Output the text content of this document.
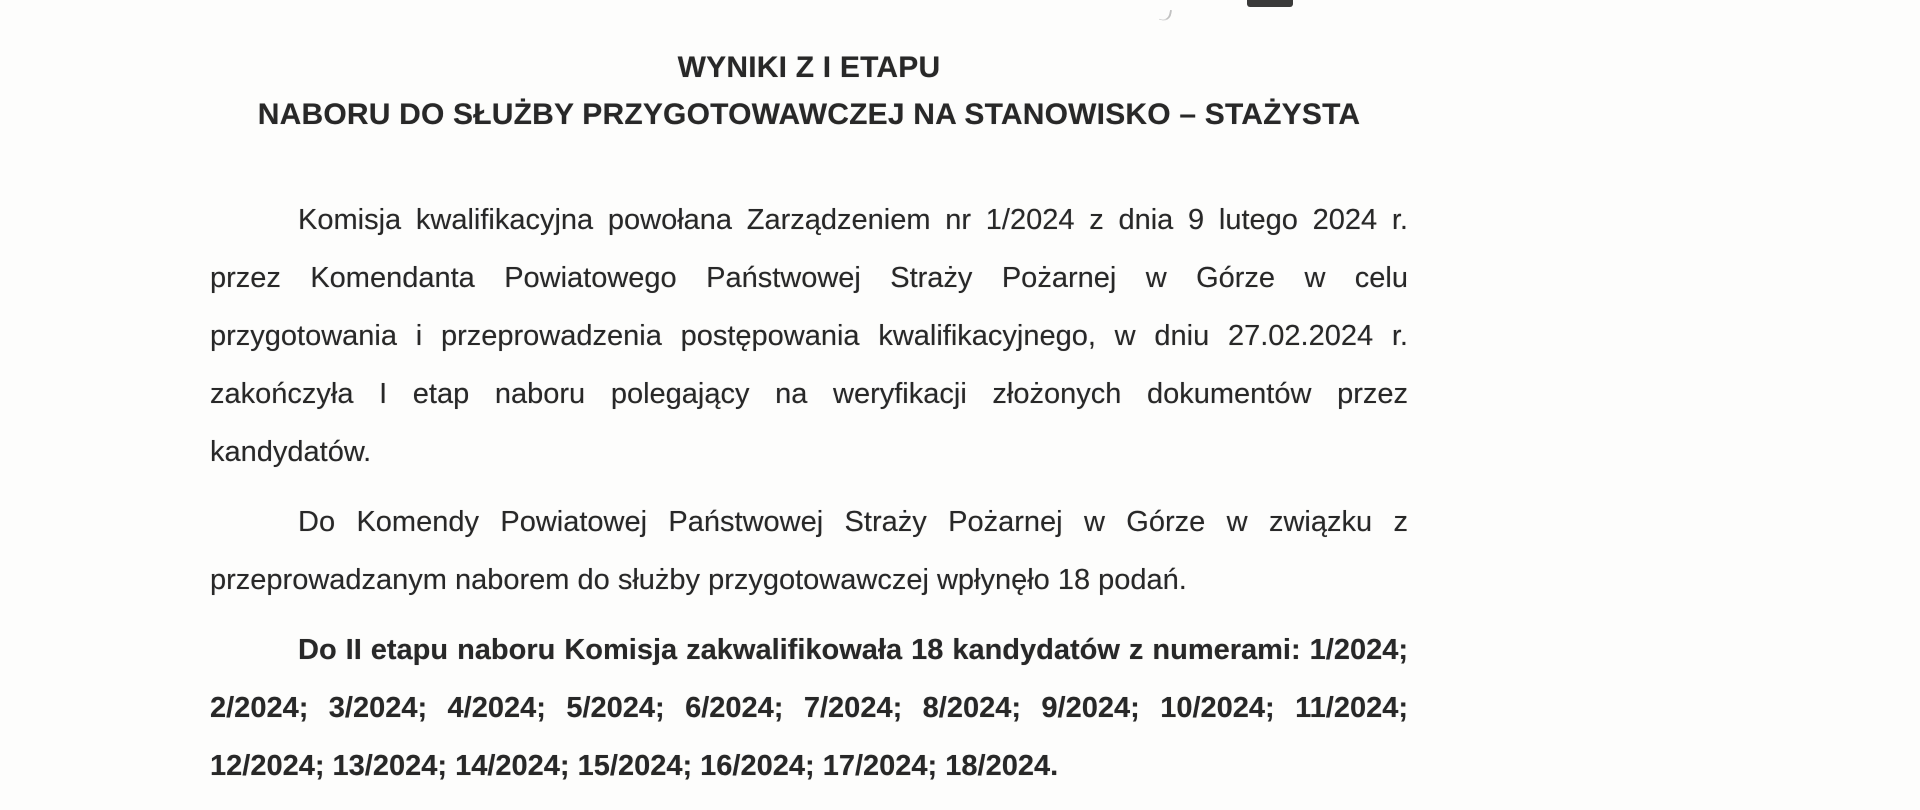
WYNIKI Z I ETAPU
NABORU DO SŁUŻBY PRZYGOTOWAWCZEJ NA STANOWISKO – STAŻYSTA

Komisja kwalifikacyjna powołana Zarządzeniem nr 1/2024 z dnia 9 lutego 2024 r. przez Komendanta Powiatowego Państwowej Straży Pożarnej w Górze w celu przygotowania i przeprowadzenia postępowania kwalifikacyjnego, w dniu 27.02.2024 r. zakończyła I etap naboru polegający na weryfikacji złożonych dokumentów przez kandydatów.

Do Komendy Powiatowej Państwowej Straży Pożarnej w Górze w związku z przeprowadzanym naborem do służby przygotowawczej wpłynęło 18 podań.

Do II etapu naboru Komisja zakwalifikowała 18 kandydatów z numerami: 1/2024; 2/2024; 3/2024; 4/2024; 5/2024; 6/2024; 7/2024; 8/2024; 9/2024; 10/2024; 11/2024; 12/2024; 13/2024; 14/2024; 15/2024; 16/2024; 17/2024; 18/2024.
